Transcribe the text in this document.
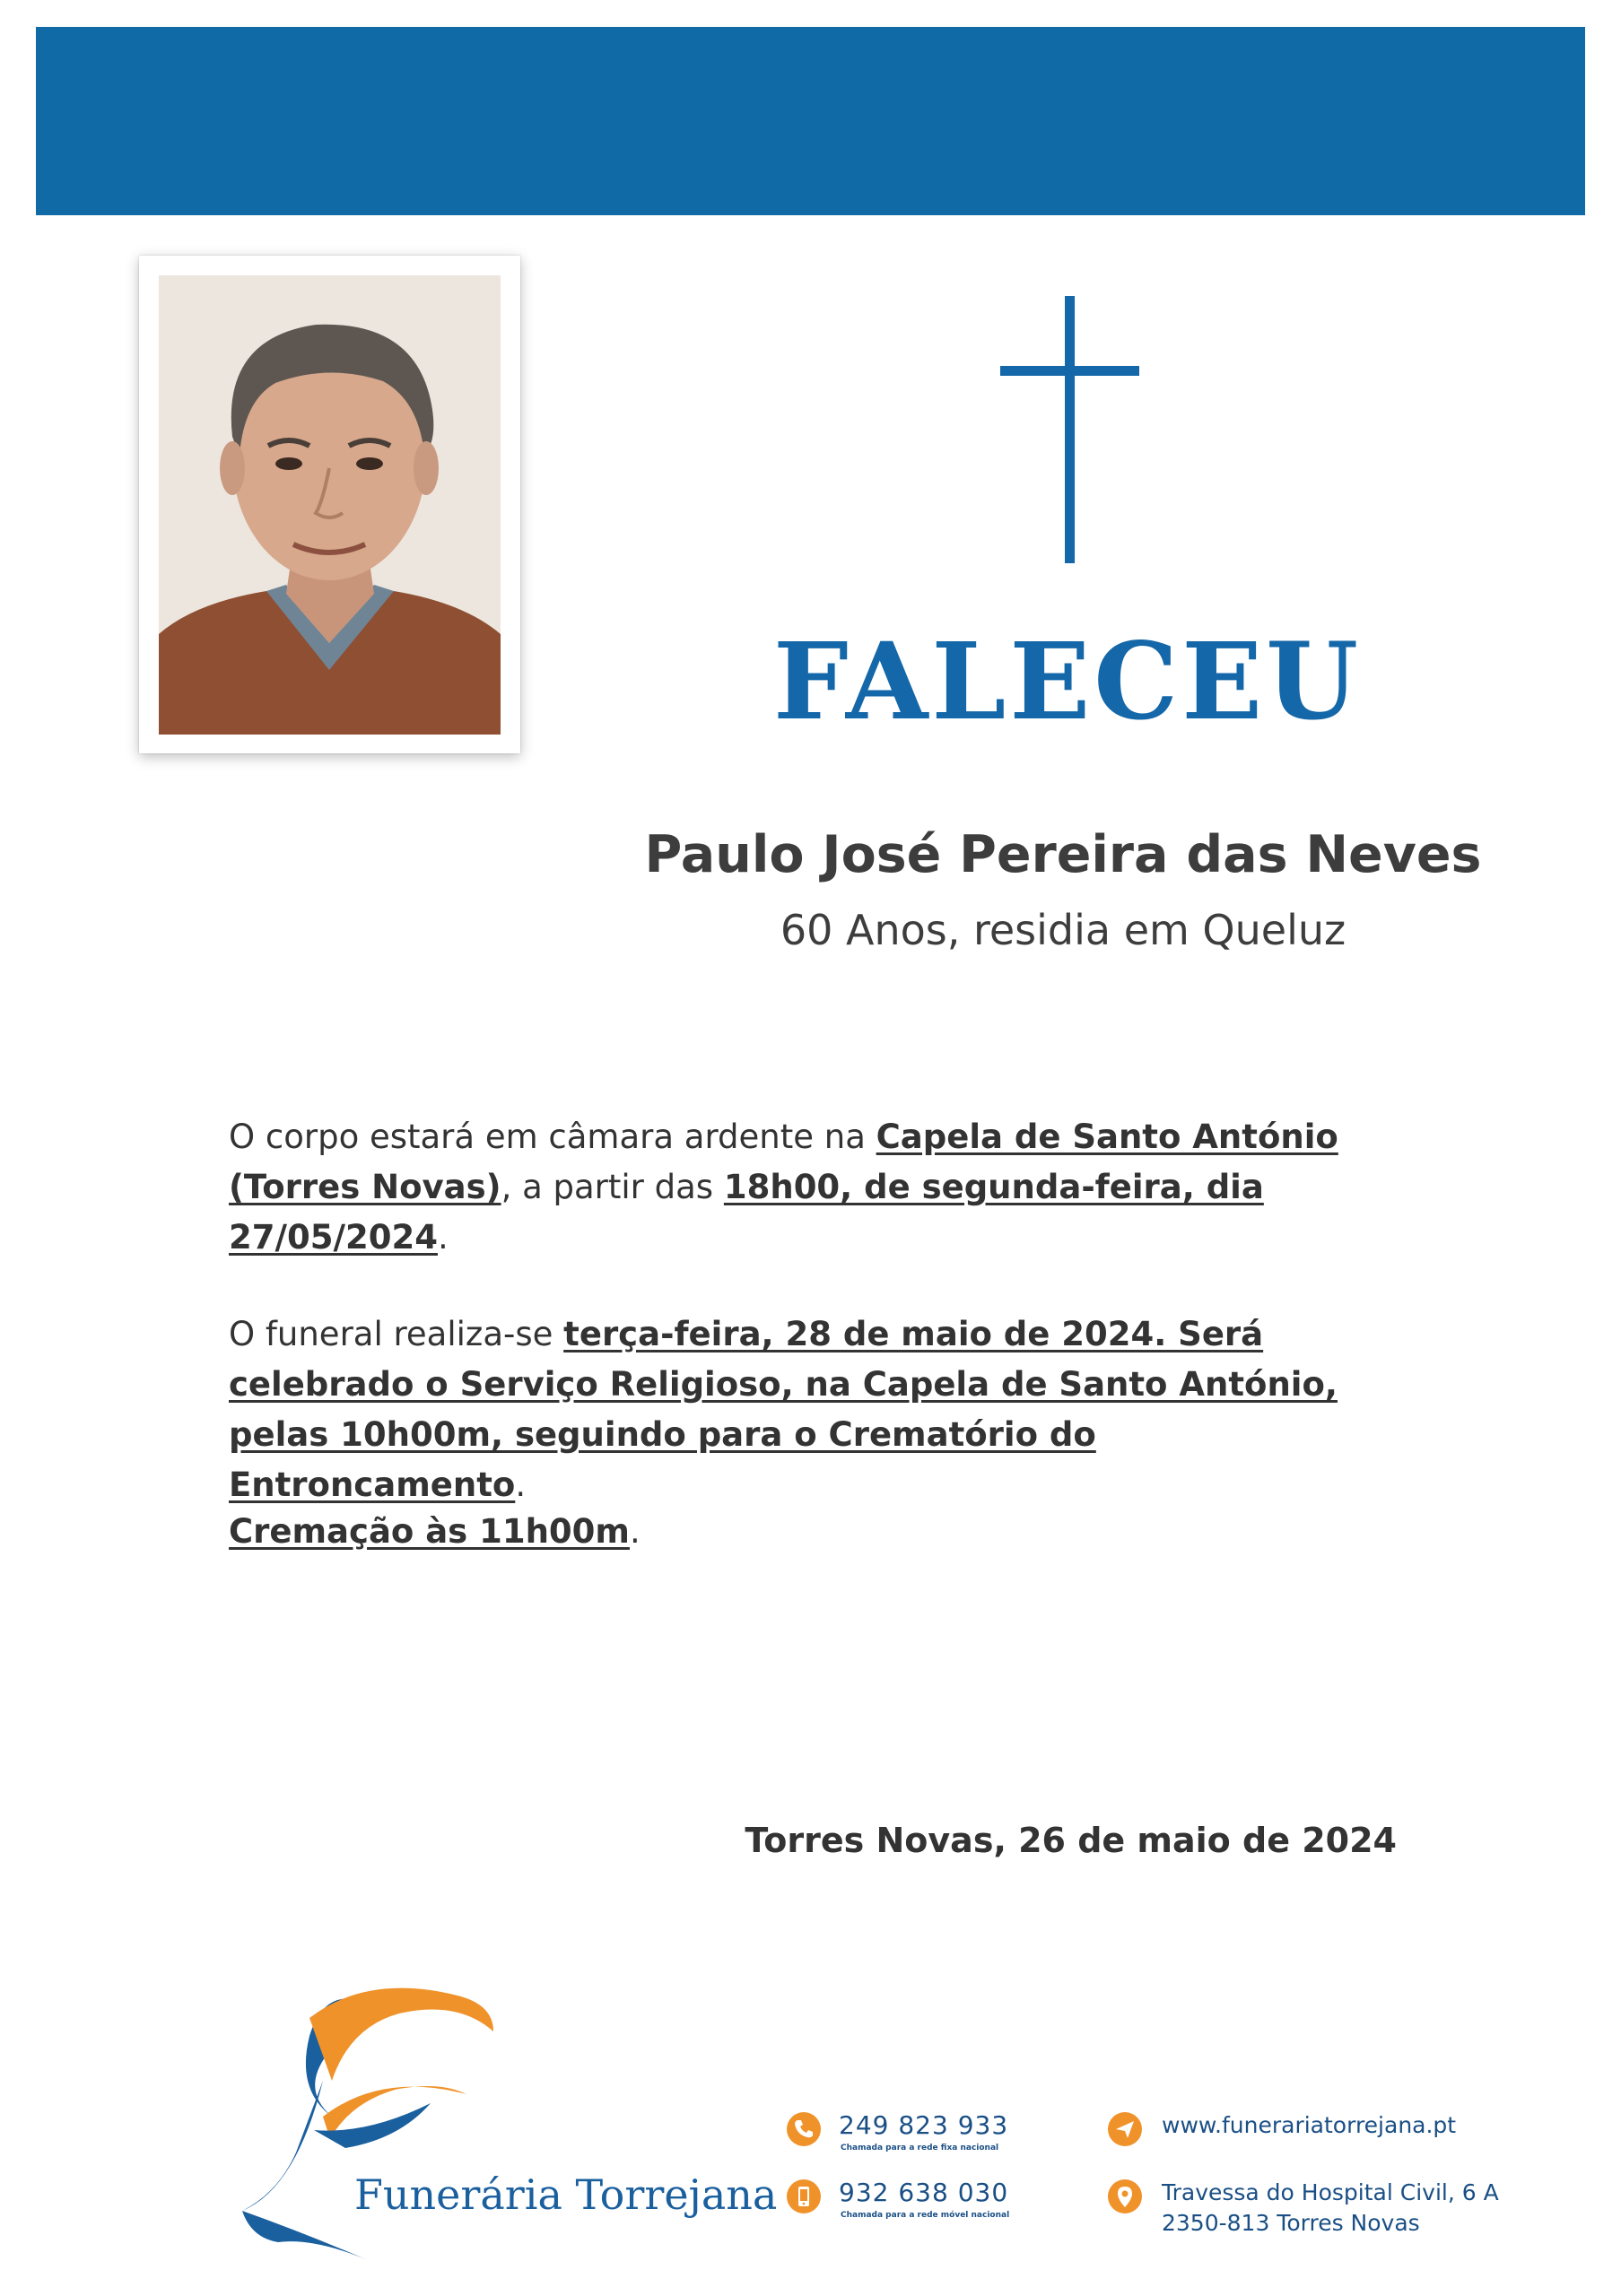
FALECEU
Paulo José Pereira das Neves
60 Anos, residia em Queluz
O corpo estará em câmara ardente na Capela de Santo António (Torres Novas), a partir das 18h00, de segunda-feira, dia 27/05/2024.
O funeral realiza-se terça-feira, 28 de maio de 2024. Será celebrado o Serviço Religioso, na Capela de Santo António, pelas 10h00m, seguindo para o Crematório do Entroncamento.
Cremação às 11h00m.
Torres Novas, 26 de maio de 2024
Funerária Torrejana
249 823 933
Chamada para a rede fixa nacional
932 638 030
Chamada para a rede móvel nacional
www.funerariatorrejana.pt
Travessa do Hospital Civil, 6 A
2350-813 Torres Novas
